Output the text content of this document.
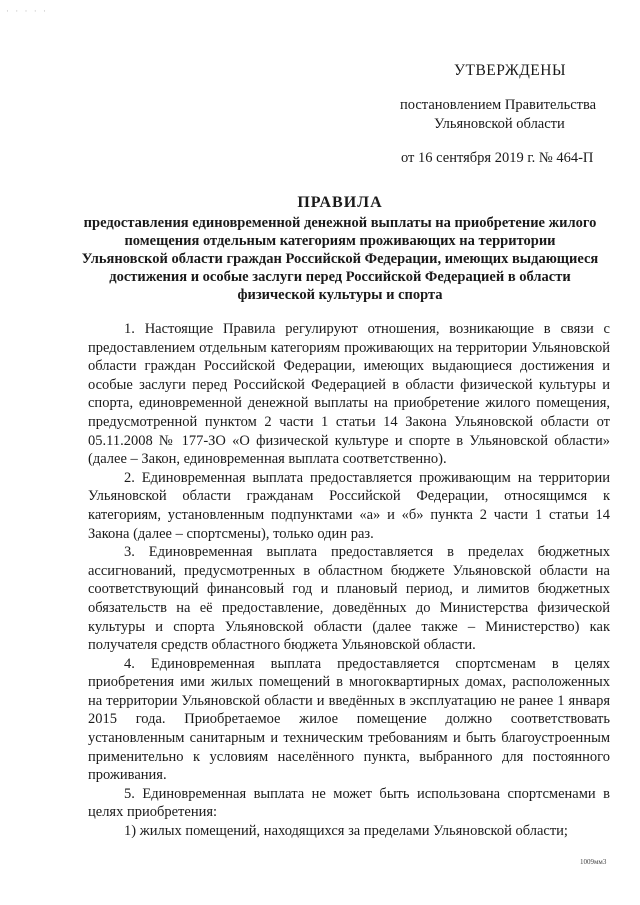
· · · · ·
УТВЕРЖДЕНЫ
постановлением Правительства
Ульяновской области
от 16 сентября 2019 г. № 464-П
ПРАВИЛА
предоставления единовременной денежной выплаты на приобретение жилого помещения отдельным категориям проживающих на территории Ульяновской области граждан Российской Федерации, имеющих выдающиеся достижения и особые заслуги перед Российской Федерацией в области физической культуры и спорта

1. Настоящие Правила регулируют отношения, возникающие в связи с предоставлением отдельным категориям проживающих на территории Ульяновской области граждан Российской Федерации, имеющих выдающиеся достижения и особые заслуги перед Российской Федерацией в области физической культуры и спорта, единовременной денежной выплаты на приобретение жилого помещения, предусмотренной пунктом 2 части 1 статьи 14 Закона Ульяновской области от 05.11.2008 № 177-ЗО «О физической культуре и спорте в Ульяновской области» (далее – Закон, единовременная выплата соответственно).

2. Единовременная выплата предоставляется проживающим на территории Ульяновской области гражданам Российской Федерации, относящимся к категориям, установленным подпунктами «а» и «б» пункта 2 части 1 статьи 14 Закона (далее – спортсмены), только один раз.

3. Единовременная выплата предоставляется в пределах бюджетных ассигнований, предусмотренных в областном бюджете Ульяновской области на соответствующий финансовый год и плановый период, и лимитов бюджетных обязательств на её предоставление, доведённых до Министерства физической культуры и спорта Ульяновской области (далее также – Министерство) как получателя средств областного бюджета Ульяновской области.

4. Единовременная выплата предоставляется спортсменам в целях приобретения ими жилых помещений в многоквартирных домах, расположенных на территории Ульяновской области и введённых в эксплуатацию не ранее 1 января 2015 года. Приобретаемое жилое помещение должно соответствовать установленным санитарным и техническим требованиям и быть благоустроенным применительно к условиям населённого пункта, выбранного для постоянного проживания.

5. Единовременная выплата не может быть использована спортсменами в целях приобретения:

1) жилых помещений, находящихся за пределами Ульяновской области;

1009мм3
